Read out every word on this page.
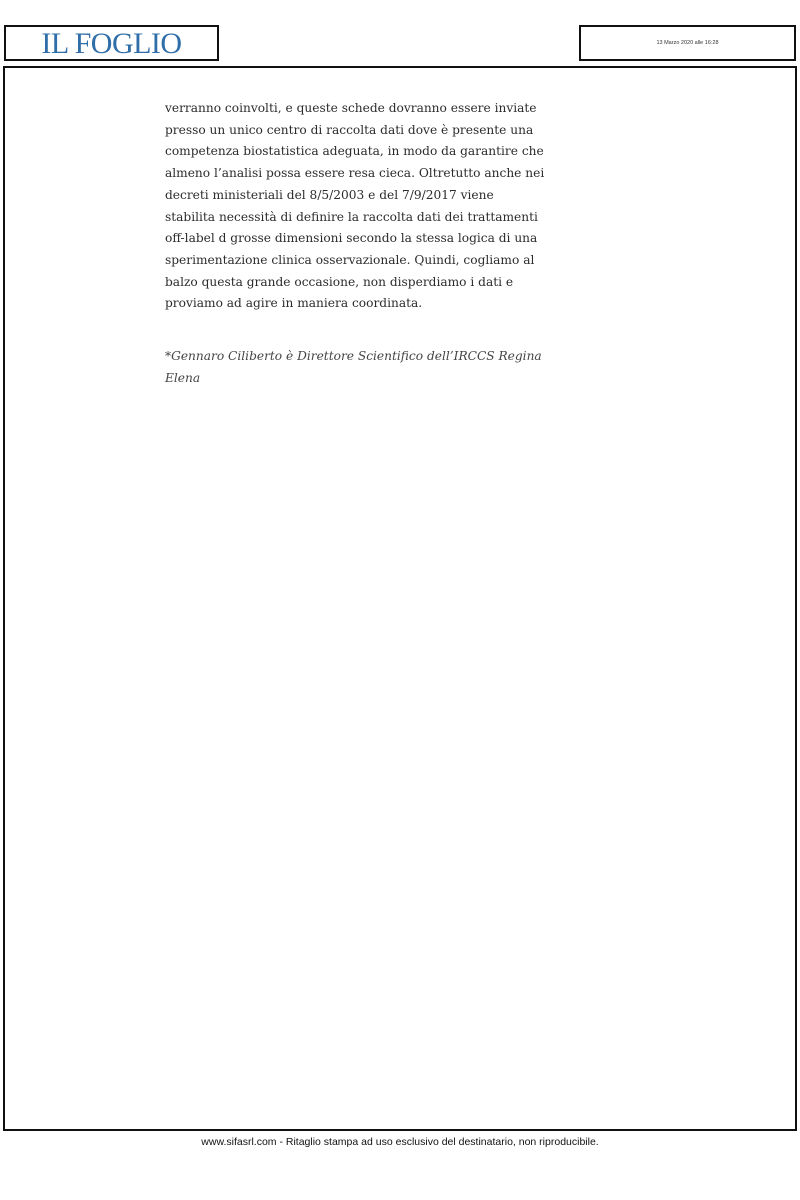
IL FOGLIO	13 Marzo 2020 alle 16:28
verranno coinvolti, e queste schede dovranno essere inviate
presso un unico centro di raccolta dati dove è presente una
competenza biostatistica adeguata, in modo da garantire che
almeno l’analisi possa essere resa cieca. Oltretutto anche nei
decreti ministeriali del 8/5/2003 e del 7/9/2017 viene
stabilita necessità di definire la raccolta dati dei trattamenti
off-label d grosse dimensioni secondo la stessa logica di una
sperimentazione clinica osservazionale. Quindi, cogliamo al
balzo questa grande occasione, non disperdiamo i dati e
proviamo ad agire in maniera coordinata.
*Gennaro Ciliberto è Direttore Scientifico dell’IRCCS Regina
Elena
www.sifasrl.com - Ritaglio stampa ad uso esclusivo del destinatario, non riproducibile.
